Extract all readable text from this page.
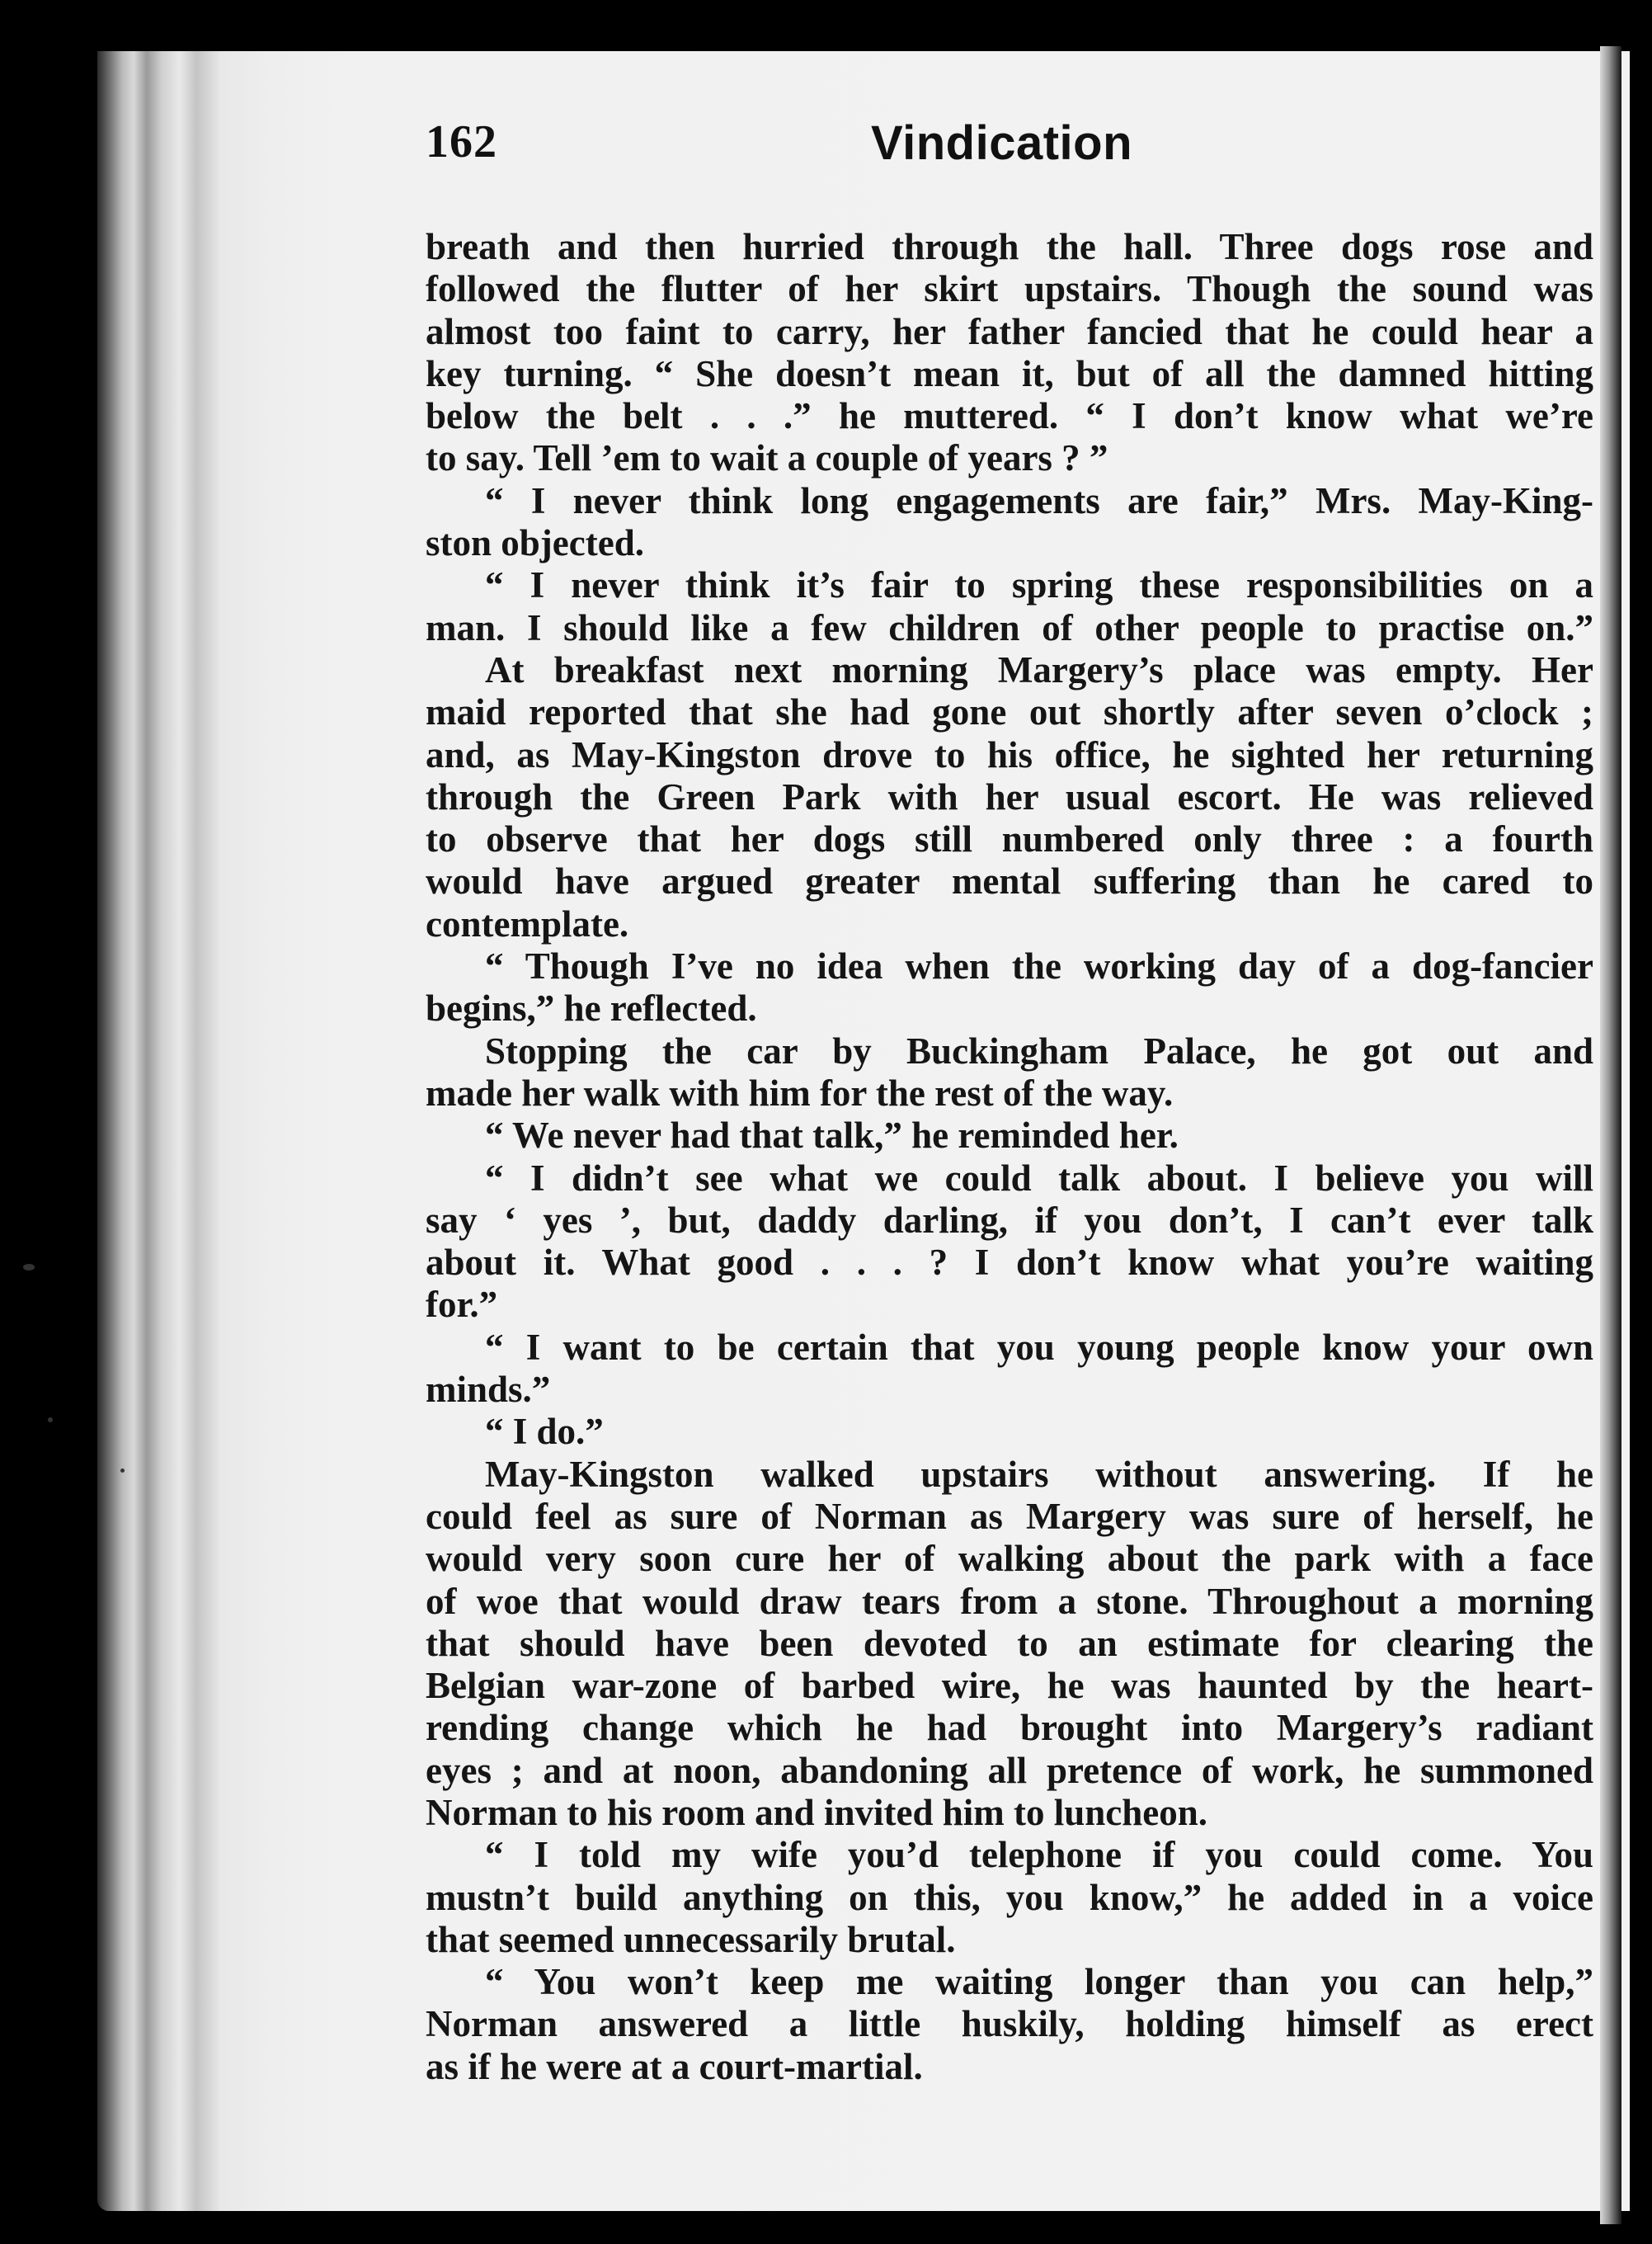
162	Vindication
breath and then hurried through the hall. Three dogs rose and
followed the flutter of her skirt upstairs. Though the sound was
almost too faint to carry, her father fancied that he could hear a
key turning. “ She doesn’t mean it, but of all the damned hitting
below the belt . . .” he muttered. “ I don’t know what we’re
to say. Tell ’em to wait a couple of years ? ”
“ I never think long engagements are fair,” Mrs. May-King-
ston objected.
“ I never think it’s fair to spring these responsibilities on a
man. I should like a few children of other people to practise on.”
At breakfast next morning Margery’s place was empty. Her
maid reported that she had gone out shortly after seven o’clock ;
and, as May-Kingston drove to his office, he sighted her returning
through the Green Park with her usual escort. He was relieved
to observe that her dogs still numbered only three : a fourth
would have argued greater mental suffering than he cared to
contemplate.
“ Though I’ve no idea when the working day of a dog-fancier
begins,” he reflected.
Stopping the car by Buckingham Palace, he got out and
made her walk with him for the rest of the way.
“ We never had that talk,” he reminded her.
“ I didn’t see what we could talk about. I believe you will
say ‘ yes ’, but, daddy darling, if you don’t, I can’t ever talk
about it. What good . . . ? I don’t know what you’re waiting
for.”
“ I want to be certain that you young people know your own
minds.”
“ I do.”
May-Kingston walked upstairs without answering. If he
could feel as sure of Norman as Margery was sure of herself, he
would very soon cure her of walking about the park with a face
of woe that would draw tears from a stone. Throughout a morning
that should have been devoted to an estimate for clearing the
Belgian war-zone of barbed wire, he was haunted by the heart-
rending change which he had brought into Margery’s radiant
eyes ; and at noon, abandoning all pretence of work, he summoned
Norman to his room and invited him to luncheon.
“ I told my wife you’d telephone if you could come. You
mustn’t build anything on this, you know,” he added in a voice
that seemed unnecessarily brutal.
“ You won’t keep me waiting longer than you can help,”
Norman answered a little huskily, holding himself as erect
as if he were at a court-martial.
